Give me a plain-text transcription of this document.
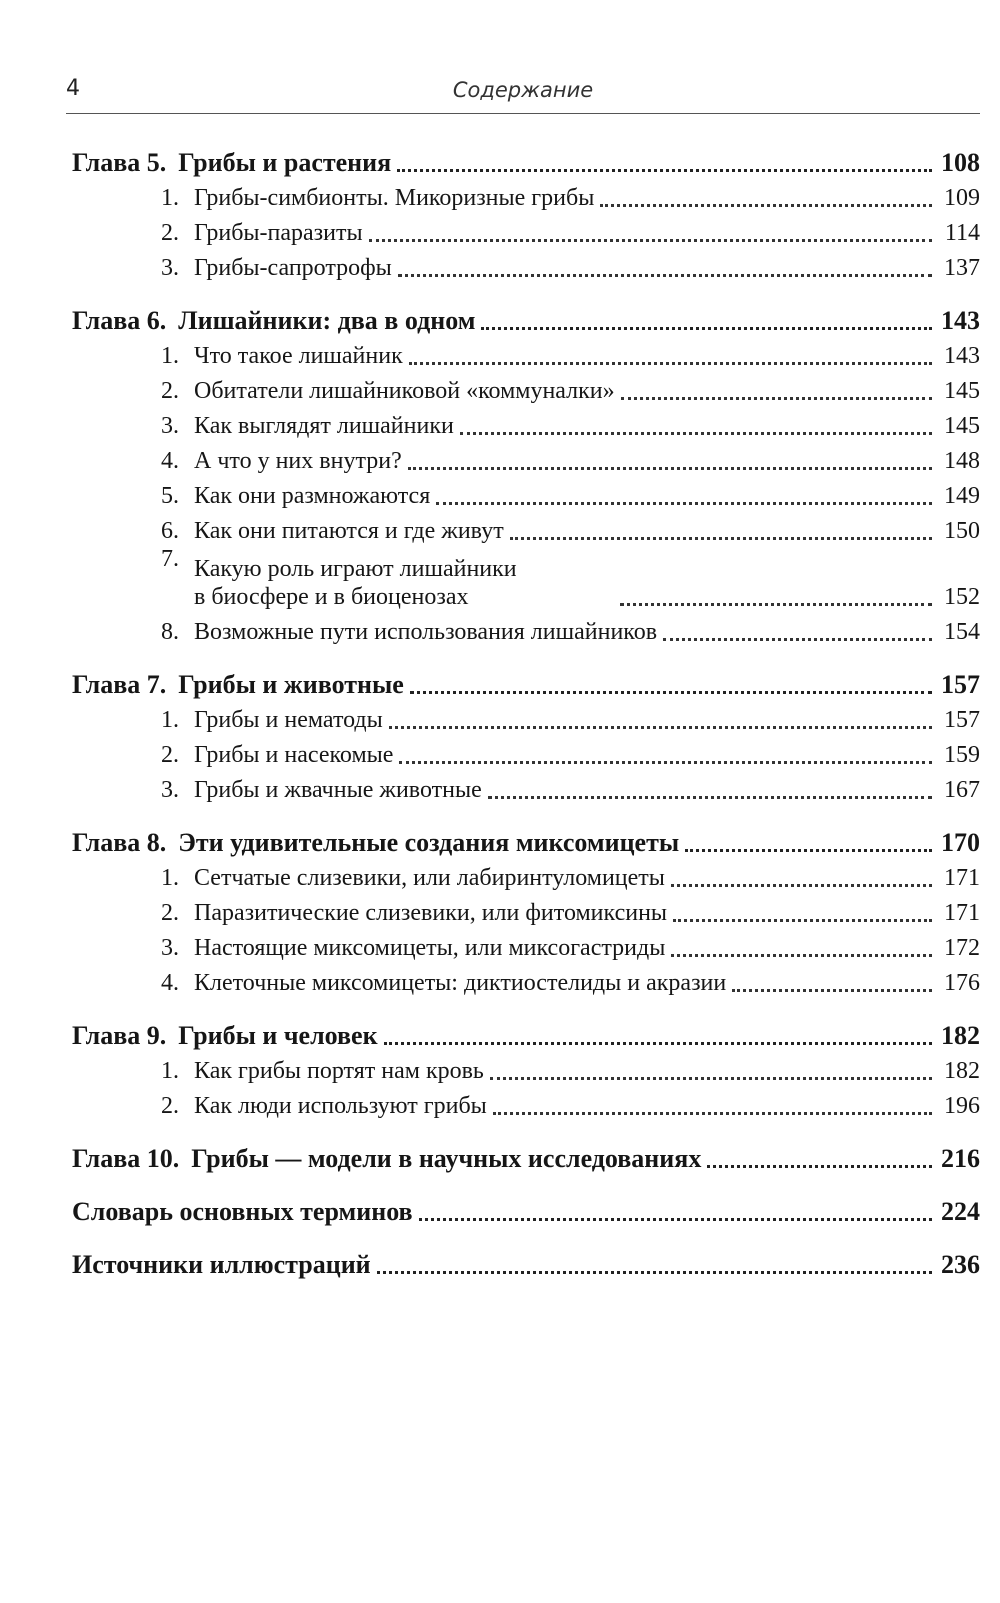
4	Содержание
Глава 5. Грибы и растения	108
1. Грибы-симбионты. Микоризные грибы	109
2. Грибы-паразиты	114
3. Грибы-сапротрофы	137
Глава 6. Лишайники: два в одном	143
1. Что такое лишайник	143
2. Обитатели лишайниковой «коммуналки»	145
3. Как выглядят лишайники	145
4. А что у них внутри?	148
5. Как они размножаются	149
6. Как они питаются и где живут	150
7. Какую роль играют лишайники
в биосфере и в биоценозах	152
8. Возможные пути использования лишайников	154
Глава 7. Грибы и животные	157
1. Грибы и нематоды	157
2. Грибы и насекомые	159
3. Грибы и жвачные животные	167
Глава 8. Эти удивительные создания миксомицеты	170
1. Сетчатые слизевики, или лабиринтуломицеты	171
2. Паразитические слизевики, или фитомиксины	171
3. Настоящие миксомицеты, или миксогастриды	172
4. Клеточные миксомицеты: диктиостелиды и акразии	176
Глава 9. Грибы и человек	182
1. Как грибы портят нам кровь	182
2. Как люди используют грибы	196
Глава 10. Грибы — модели в научных исследованиях	216
Словарь основных терминов	224
Источники иллюстраций	236
